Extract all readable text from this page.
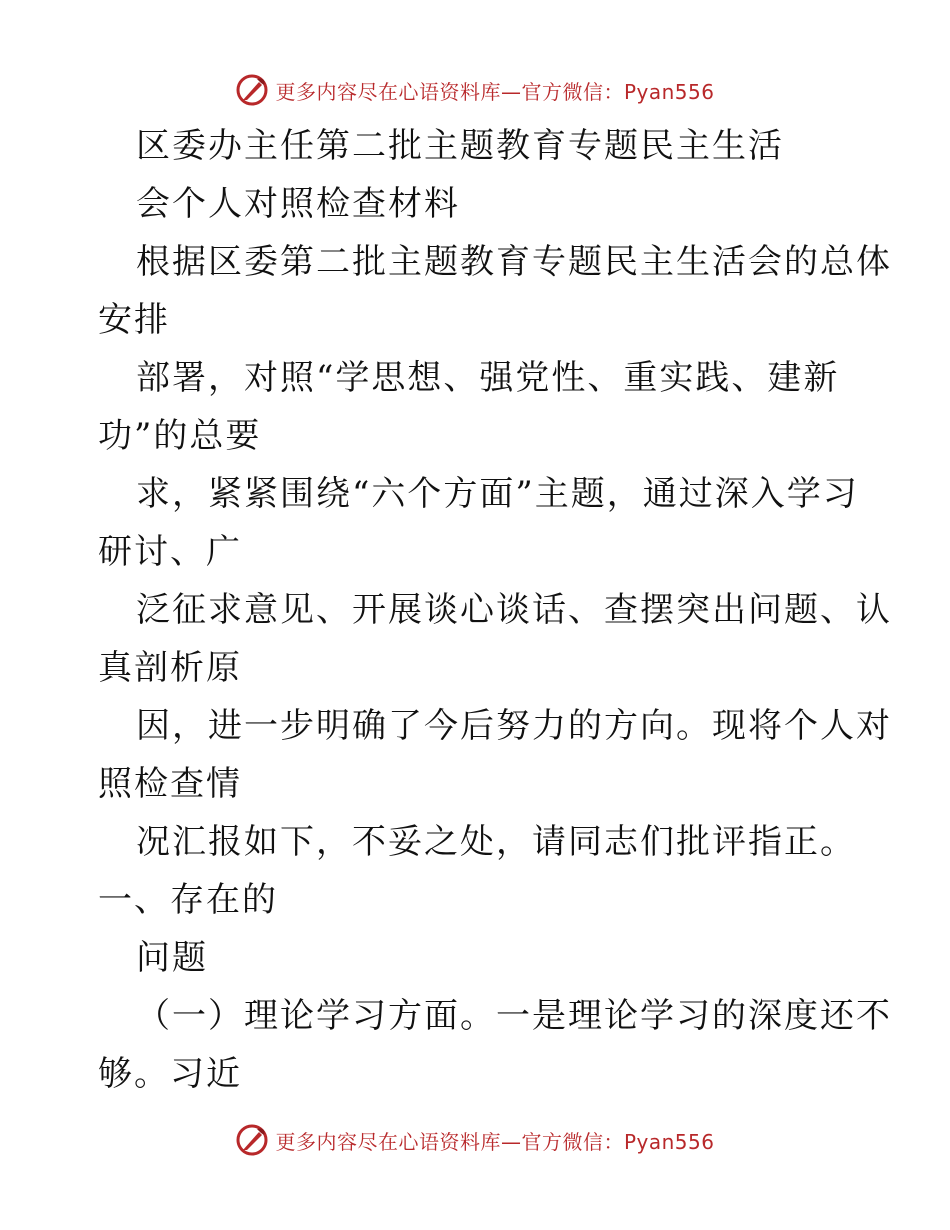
更多内容尽在心语资料库—官方微信：Pyan556
区委办主任第二批主题教育专题民主生活
会个人对照检查材料
根据区委第二批主题教育专题民主生活会的总体
安排
部署，对照“学思想、强党性、重实践、建新
功”的总要
求，紧紧围绕“六个方面”主题，通过深入学习
研讨、广
泛征求意见、开展谈心谈话、查摆突出问题、认
真剖析原
因，进一步明确了今后努力的方向。现将个人对
照检查情
况汇报如下，不妥之处，请同志们批评指正。
一、存在的
问题
（一）理论学习方面。一是理论学习的深度还不
够。习近
更多内容尽在心语资料库—官方微信：Pyan556
